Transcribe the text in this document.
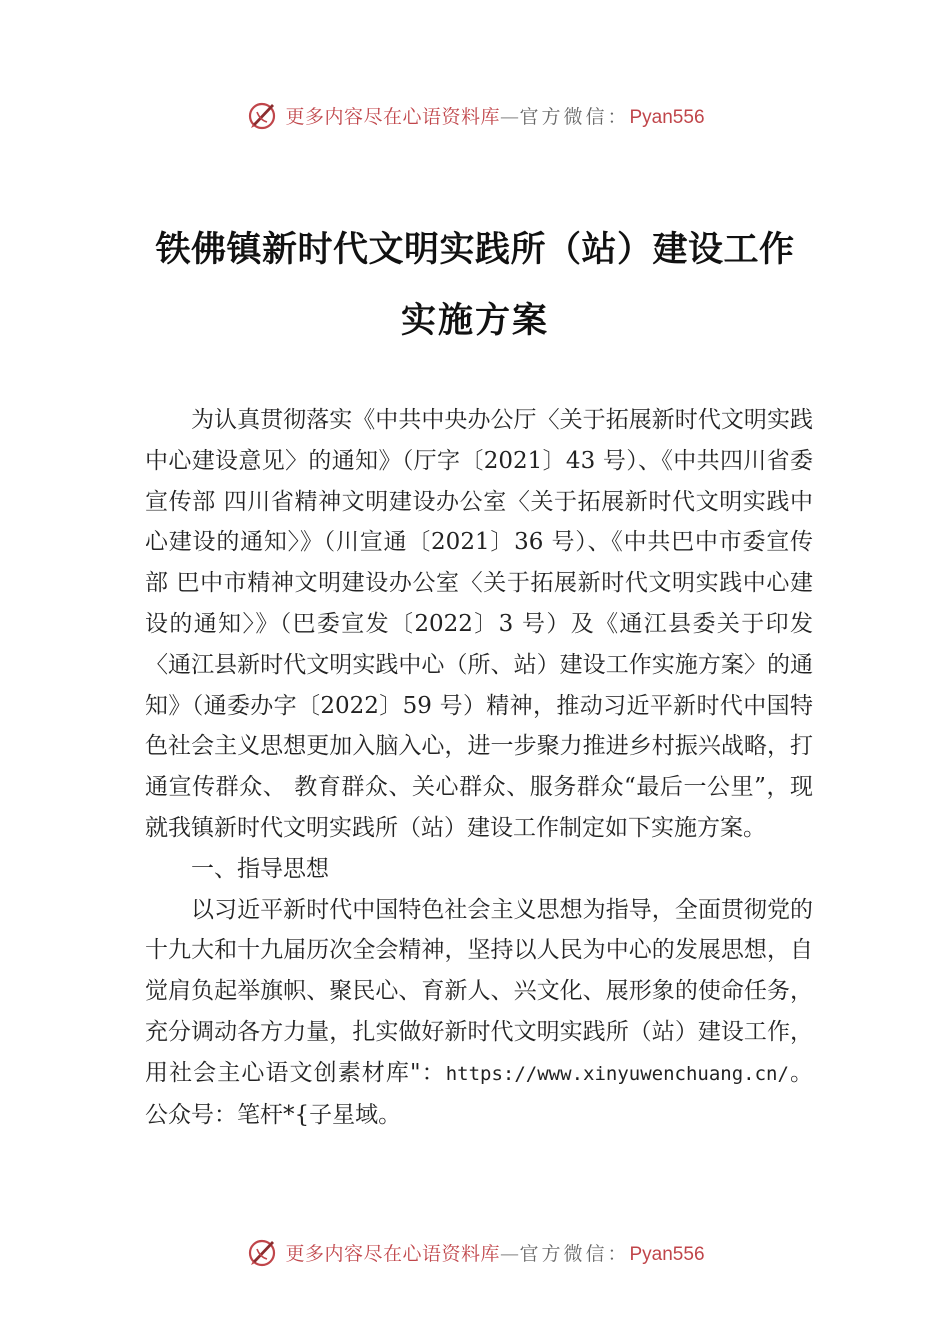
更多内容尽在心语资料库—官方微信：Pyan556
铁佛镇新时代文明实践所（站）建设工作
实施方案

为认真贯彻落实《中共中央办公厅〈关于拓展新时代文明实践中心建设意见〉的通知》（厅字〔2021〕43 号）、《中共四川省委宣传部 四川省精神文明建设办公室〈关于拓展新时代文明实践中心建设的通知〉》（川宣通〔2021〕36 号）、《中共巴中市委宣传部 巴中市精神文明建设办公室〈关于拓展新时代文明实践中心建设的通知〉》（巴委宣发〔2022〕3 号）及《通江县委关于印发〈通江县新时代文明实践中心（所、站）建设工作实施方案〉的通知》（通委办字〔2022〕59 号）精神，推动习近平新时代中国特色社会主义思想更加入脑入心，进一步聚力推进乡村振兴战略，打通宣传群众、 教育群众、关心群众、服务群众“最后一公里”，现就我镇新时代文明实践所（站）建设工作制定如下实施方案。

一、指导思想

以习近平新时代中国特色社会主义思想为指导，全面贯彻党的十九大和十九届历次全会精神，坚持以人民为中心的发展思想，自觉肩负起举旗帜、聚民心、育新人、兴文化、展形象的使命任务，充分调动各方力量，扎实做好新时代文明实践所（站）建设工作，用社会主心语文创素材库"：https://www.xinyuwenchuang.cn/。公众号：笔杆*{子星域。

更多内容尽在心语资料库—官方微信：Pyan556
